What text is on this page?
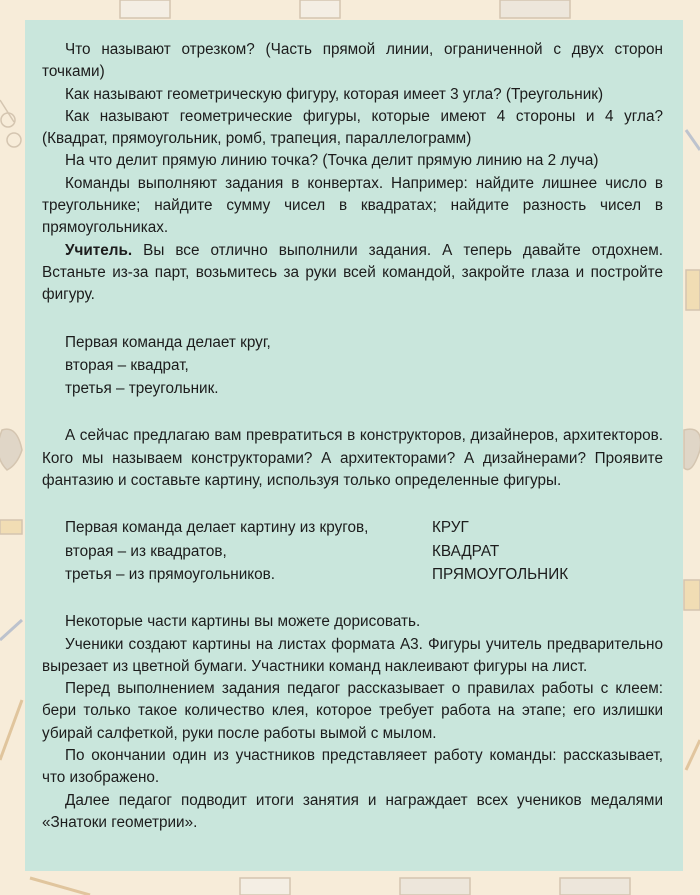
Что называют отрезком? (Часть прямой линии, ограниченной с двух сторон точками)

Как называют геометрическую фигуру, которая имеет 3 угла? (Треугольник)

Как называют геометрические фигуры, которые имеют 4 стороны и 4 угла? (Квадрат, прямоугольник, ромб, трапеция, параллелограмм)

На что делит прямую линию точка? (Точка делит прямую линию на 2 луча)

Команды выполняют задания в конвертах. Например: найдите лишнее число в треугольнике; найдите сумму чисел в квадратах; найдите разность чисел в прямоугольниках.

Учитель. Вы все отлично выполнили задания. А теперь давайте отдохнем. Встаньте из-за парт, возьмитесь за руки всей командой, закройте глаза и постройте фигуру.

Первая команда делает круг,

вторая – квадрат,

третья – треугольник.

А сейчас предлагаю вам превратиться в конструкторов, дизайнеров, архитекторов. Кого мы называем конструкторами? А архитекторами? А дизайнерами? Проявите фантазию и составьте картину, используя только определенные фигуры.

Первая команда делает картину из кругов,	КРУГ
вторая – из квадратов,	КВАДРАТ
третья – из прямоугольников.	ПРЯМОУГОЛЬНИК

Некоторые части картины вы можете дорисовать.

Ученики создают картины на листах формата А3. Фигуры учитель предварительно вырезает из цветной бумаги. Участники команд наклеивают фигуры на лист.

Перед выполнением задания педагог рассказывает о правилах работы с клеем: бери только такое количество клея, которое требует работа на этапе; его излишки убирай салфеткой, руки после работы вымой с мылом.

По окончании один из участников представляеет работу команды: рассказывает, что изображено.

Далее педагог подводит итоги занятия и награждает всех учеников медалями «Знатоки геометрии».
